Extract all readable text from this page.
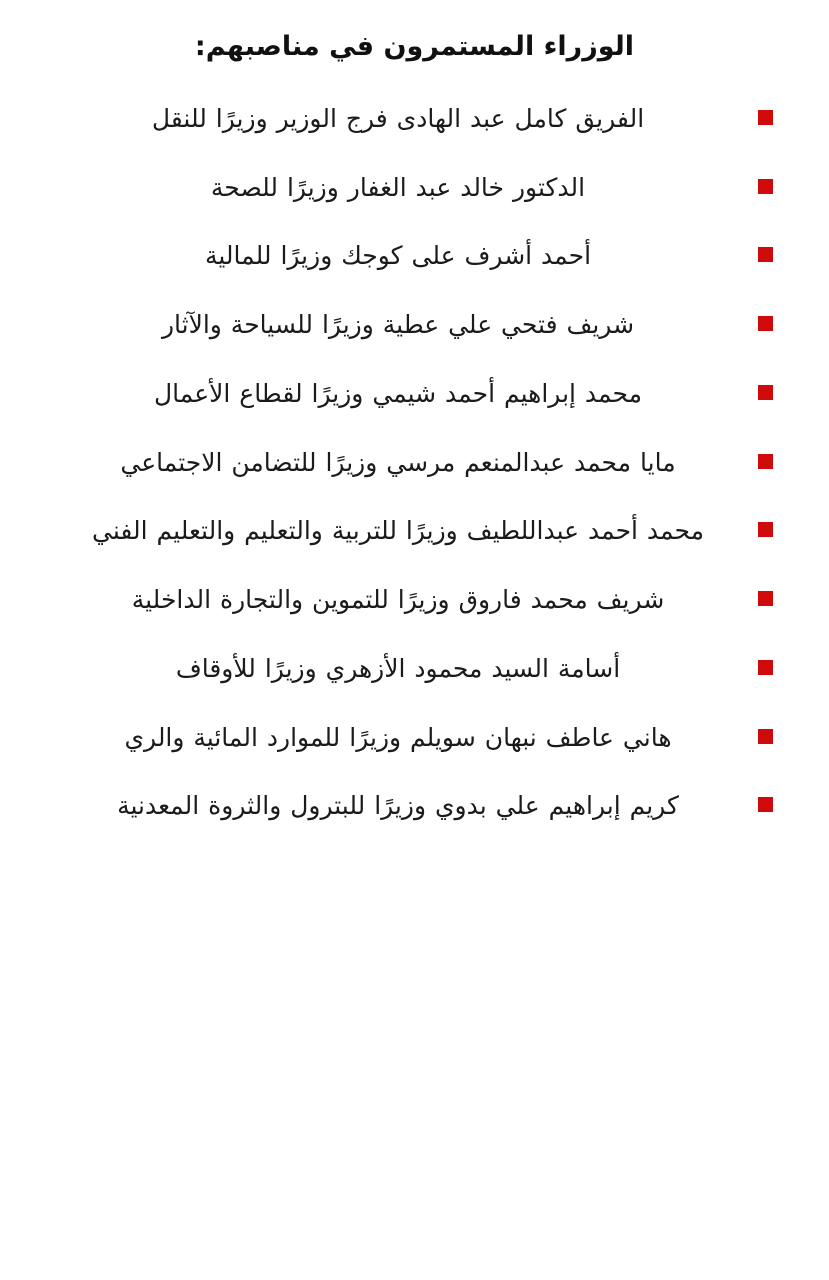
الوزراء المستمرون في مناصبهم:
الفريق كامل عبد الهادى فرج الوزير وزيرًا للنقل
الدكتور خالد عبد الغفار وزيرًا للصحة
أحمد أشرف على كوجك وزيرًا للمالية
شريف فتحي علي عطية وزيرًا للسياحة والآثار
محمد إبراهيم أحمد شيمي وزيرًا لقطاع الأعمال
مايا محمد عبدالمنعم مرسي وزيرًا للتضامن الاجتماعي
محمد أحمد عبداللطيف وزيرًا للتربية والتعليم والتعليم الفني
شريف محمد فاروق وزيرًا للتموين والتجارة الداخلية
أسامة السيد محمود الأزهري وزيرًا للأوقاف
هاني عاطف نبهان سويلم وزيرًا للموارد المائية والري
كريم إبراهيم علي بدوي وزيرًا للبترول والثروة المعدنية
